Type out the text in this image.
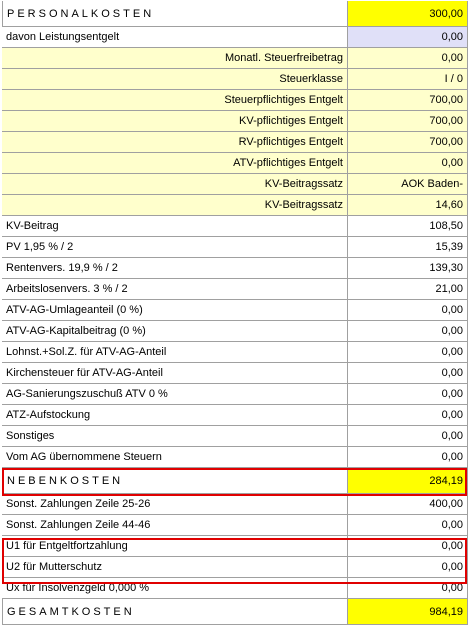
PERSONALKOSTEN	300,00
davon Leistungsentgelt	0,00
Monatl. Steuerfreibetrag	0,00
Steuerklasse	I / 0
Steuerpflichtiges Entgelt	700,00
KV-pflichtiges Entgelt	700,00
RV-pflichtiges Entgelt	700,00
ATV-pflichtiges Entgelt	0,00
KV-Beitragssatz	AOK Baden-
KV-Beitragssatz	14,60
KV-Beitrag	108,50
PV 1,95 % / 2	15,39
Rentenvers. 19,9 % / 2	139,30
Arbeitslosenvers. 3 % / 2	21,00
ATV-AG-Umlageanteil (0 %)	0,00
ATV-AG-Kapitalbeitrag (0 %)	0,00
Lohnst.+Sol.Z. für ATV-AG-Anteil	0,00
Kirchensteuer für ATV-AG-Anteil	0,00
AG-Sanierungszuschuß ATV 0 %	0,00
ATZ-Aufstockung	0,00
Sonstiges	0,00
Vom AG übernommene Steuern	0,00
NEBENKOSTEN	284,19
Sonst. Zahlungen Zeile 25-26	400,00
Sonst. Zahlungen Zeile 44-46	0,00
U1 für Entgeltfortzahlung	0,00
U2 für Mutterschutz	0,00
Ux für Insolvenzgeld 0,000 %	0,00
GESAMTKOSTEN	984,19
